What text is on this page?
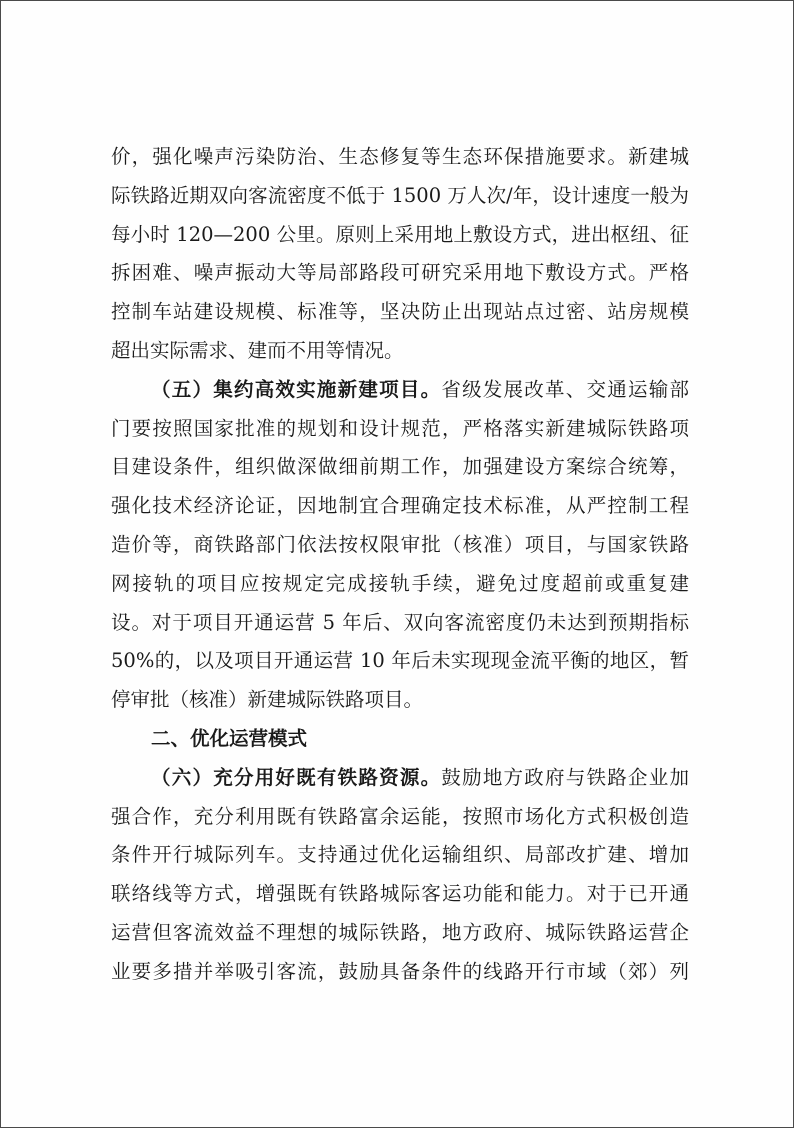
价，强化噪声污染防治、生态修复等生态环保措施要求。新建城
际铁路近期双向客流密度不低于 1500 万人次/年，设计速度一般为
每小时 120—200 公里。原则上采用地上敷设方式，进出枢纽、征
拆困难、噪声振动大等局部路段可研究采用地下敷设方式。严格
控制车站建设规模、标准等，坚决防止出现站点过密、站房规模
超出实际需求、建而不用等情况。
（五）集约高效实施新建项目。省级发展改革、交通运输部
门要按照国家批准的规划和设计规范，严格落实新建城际铁路项
目建设条件，组织做深做细前期工作，加强建设方案综合统筹，
强化技术经济论证，因地制宜合理确定技术标准，从严控制工程
造价等，商铁路部门依法按权限审批（核准）项目，与国家铁路
网接轨的项目应按规定完成接轨手续，避免过度超前或重复建
设。对于项目开通运营 5 年后、双向客流密度仍未达到预期指标
50%的，以及项目开通运营 10 年后未实现现金流平衡的地区，暂
停审批（核准）新建城际铁路项目。
二、优化运营模式
（六）充分用好既有铁路资源。鼓励地方政府与铁路企业加
强合作，充分利用既有铁路富余运能，按照市场化方式积极创造
条件开行城际列车。支持通过优化运输组织、局部改扩建、增加
联络线等方式，增强既有铁路城际客运功能和能力。对于已开通
运营但客流效益不理想的城际铁路，地方政府、城际铁路运营企
业要多措并举吸引客流，鼓励具备条件的线路开行市域（郊）列
